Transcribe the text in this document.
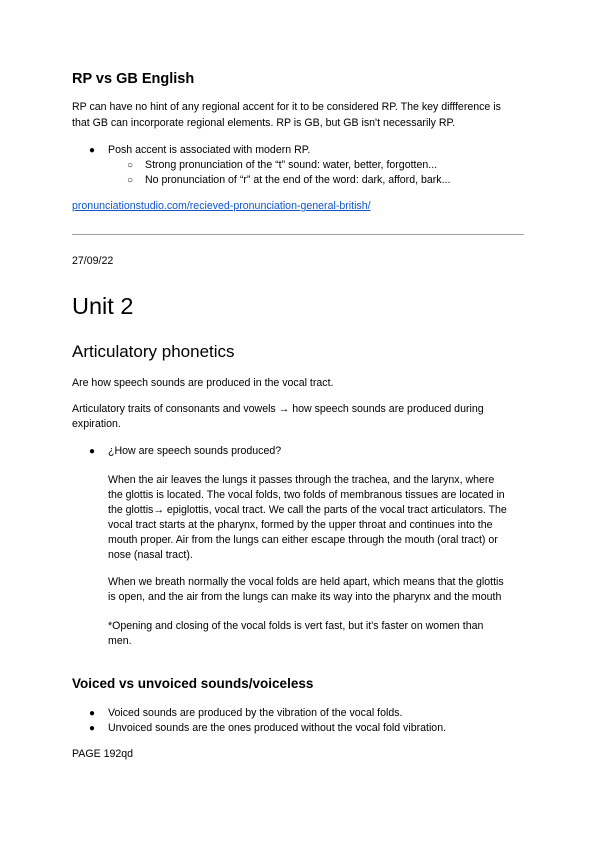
RP vs GB English
RP can have no hint of any regional accent for it to be considered RP. The key diffference is
that GB can incorporate regional elements. RP is GB, but GB isn't necessarily RP.
● Posh accent is associated with modern RP.
○ Strong pronunciation of the “t” sound: water, better, forgotten...
○ No pronunciation of “r” at the end of the word: dark, afford, bark...
pronunciationstudio.com/recieved-pronunciation-general-british/
27/09/22
Unit 2
Articulatory phonetics
Are how speech sounds are produced in the vocal tract.
Articulatory traits of consonants and vowels → how speech sounds are produced during
expiration.
● ¿How are speech sounds produced?
When the air leaves the lungs it passes through the trachea, and the larynx, where
the glottis is located. The vocal folds, two folds of membranous tissues are located in
the glottis→ epiglottis, vocal tract. We call the parts of the vocal tract articulators. The
vocal tract starts at the pharynx, formed by the upper throat and continues into the
mouth proper. Air from the lungs can either escape through the mouth (oral tract) or
nose (nasal tract).
When we breath normally the vocal folds are held apart, which means that the glottis
is open, and the air from the lungs can make its way into the pharynx and the mouth
*Opening and closing of the vocal folds is vert fast, but it's faster on women than
men.
Voiced vs unvoiced sounds/voiceless
● Voiced sounds are produced by the vibration of the vocal folds.
● Unvoiced sounds are the ones produced without the vocal fold vibration.
PAGE 192qd
